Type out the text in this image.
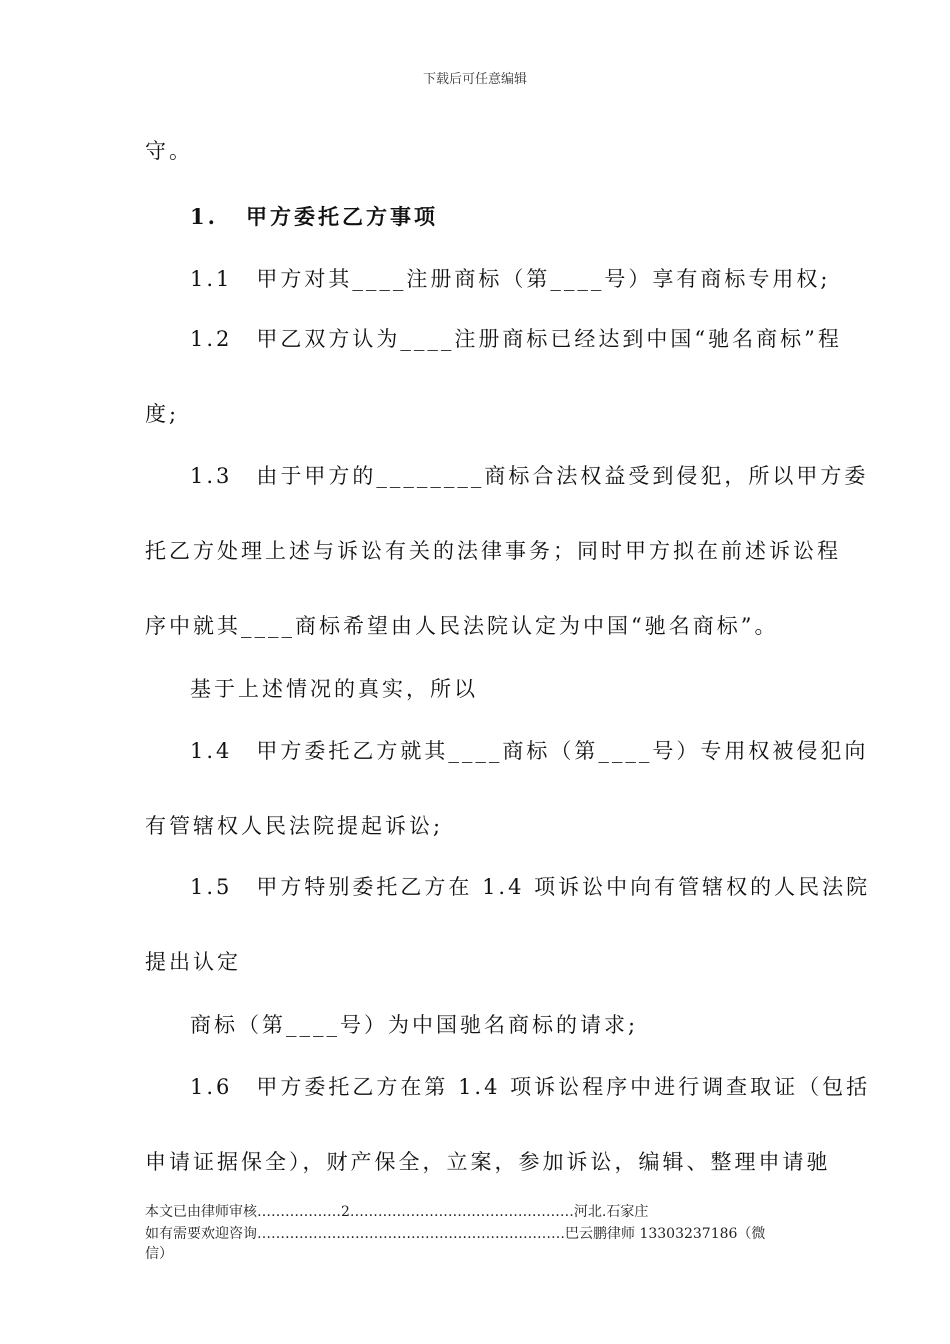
下载后可任意编辑
守。
1. 甲方委托乙方事项
1.1　甲方对其____注册商标（第____号）享有商标专用权;
1.2　甲乙双方认为____注册商标已经达到中国“驰名商标”程
度;
1.3　由于甲方的________商标合法权益受到侵犯，所以甲方委
托乙方处理上述与诉讼有关的法律事务；同时甲方拟在前述诉讼程
序中就其____商标希望由人民法院认定为中国“驰名商标”。
基于上述情况的真实，所以
1.4　甲方委托乙方就其____商标（第____号）专用权被侵犯向
有管辖权人民法院提起诉讼;
1.5　甲方特别委托乙方在 1.4 项诉讼中向有管辖权的人民法院
提出认定
商标（第____号）为中国驰名商标的请求;
1.6　甲方委托乙方在第 1.4 项诉讼程序中进行调查取证（包括
申请证据保全），财产保全，立案，参加诉讼，编辑、整理申请驰
本文已由律师审核………………2…………………………………………河北.石家庄
如有需要欢迎咨询…………………………………………………………巴云鹏律师 13303237186（微
信）
